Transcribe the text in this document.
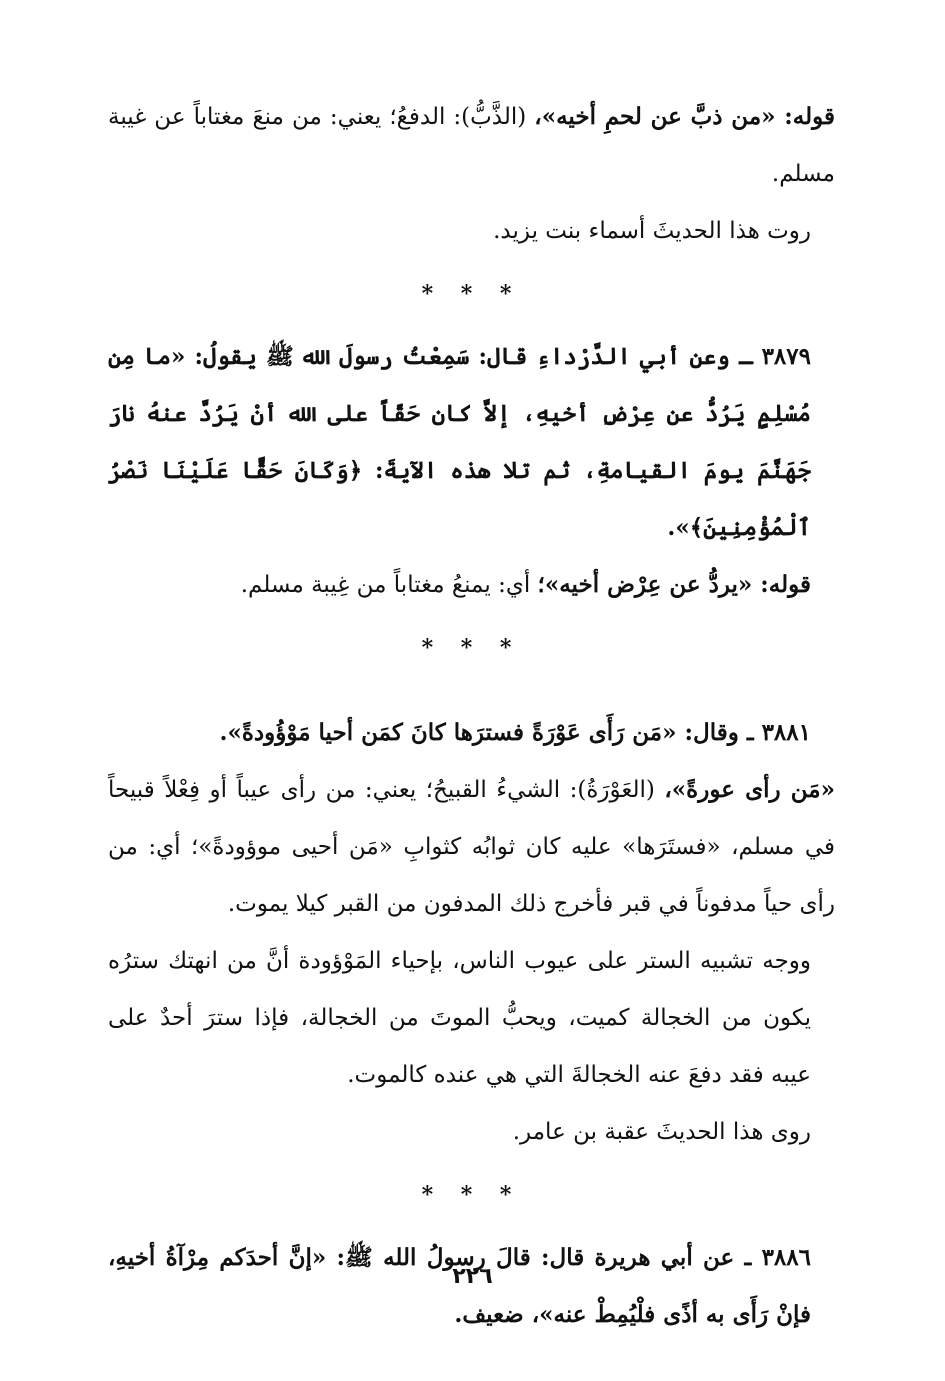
قوله: «من ذبَّ عن لحمِ أخيه»، (الذَّبُّ): الدفعُ؛ يعني: من منعَ مغتاباً عن غيبة مسلم.

روت هذا الحديثَ أسماء بنت يزيد.

* * *

٣٨٧٩ ـ وعن أبي الدَّرْداءِ قال: سَمِعْتُ رسولَ الله ﷺ يقولُ: «ما مِن مُسْلِمٍ يَرُدُّ عن عِرْضِ أخيهِ، إلاَّ كان حَقّاً على الله أنْ يَرُدَّ عنهُ نارَ جَهَنَّمَ يومَ القيامةِ، ثم تلا هذه الآيةَ: ﴿وَكَانَ حَقًّا عَلَيْنَا نَصْرُ ٱلْمُؤْمِنِينَ﴾».

قوله: «يردُّ عن عِرْض أخيه»؛ أي: يمنعُ مغتاباً من غِيبة مسلم.

* * *

٣٨٨١ ـ وقال: «مَن رَأَى عَوْرَةً فسترَها كانَ كمَن أحيا مَوْؤُودةً».

«مَن رأى عورةً»، (العَوْرَةُ): الشيءُ القبيحُ؛ يعني: من رأى عيباً أو فِعْلاً قبيحاً في مسلم، «فستَرَها» عليه كان ثوابُه كثوابِ «مَن أحيى موؤودةً»؛ أي: من رأى حياً مدفوناً في قبر فأخرج ذلك المدفون من القبر كيلا يموت.

ووجه تشبيه الستر على عيوب الناس، بإحياء المَوْؤودة أنَّ من انهتك سترُه يكون من الخجالة كميت، ويحبُّ الموتَ من الخجالة، فإذا سترَ أحدٌ على عيبه فقد دفعَ عنه الخجالةَ التي هي عنده كالموت.

روى هذا الحديثَ عقبة بن عامر.

* * *

٣٨٨٦ ـ عن أبي هريرة قال: قالَ رسولُ الله ﷺ: «إنَّ أحدَكم مِرْآةُ أخيهِ، فإنْ رَأَى به أذًى فلْيُمِطْ عنه»، ضعيف.

٢٢٦
